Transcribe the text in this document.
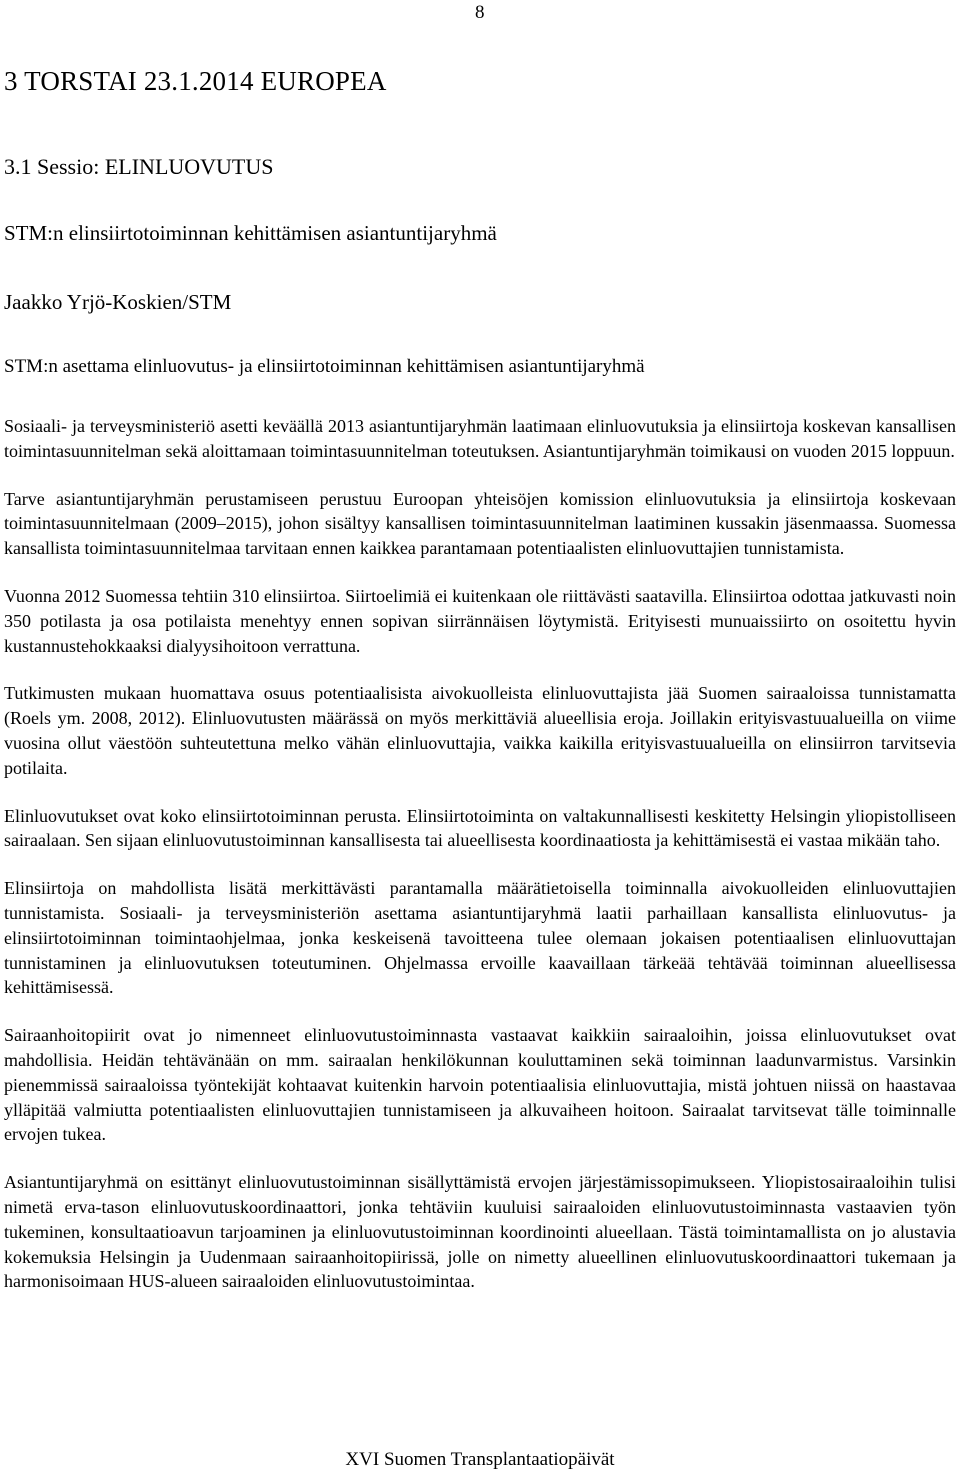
8
3 TORSTAI 23.1.2014 EUROPEA
3.1 Sessio: ELINLUOVUTUS
STM:n elinsiirtotoiminnan kehittämisen asiantuntijaryhmä
Jaakko Yrjö-Koskien/STM
STM:n asettama elinluovutus- ja elinsiirtotoiminnan kehittämisen asiantuntijaryhmä

Sosiaali- ja terveysministeriö asetti keväällä 2013 asiantuntijaryhmän laatimaan elinluovutuksia ja elinsiirtoja koskevan kansallisen toimintasuunnitelman sekä aloittamaan toimintasuunnitelman toteutuksen. Asiantuntijaryhmän toimikausi on vuoden 2015 loppuun.

Tarve asiantuntijaryhmän perustamiseen perustuu Euroopan yhteisöjen komission elinluovutuksia ja elinsiirtoja koskevaan toimintasuunnitelmaan (2009–2015), johon sisältyy kansallisen toimintasuunnitelman laatiminen kussakin jäsenmaassa. Suomessa kansallista toimintasuunnitelmaa tarvitaan ennen kaikkea parantamaan potentiaalisten elinluovuttajien tunnistamista.

Vuonna 2012 Suomessa tehtiin 310 elinsiirtoa. Siirtoelimiä ei kuitenkaan ole riittävästi saatavilla. Elinsiirtoa odottaa jatkuvasti noin 350 potilasta ja osa potilaista menehtyy ennen sopivan siirrännäisen löytymistä. Erityisesti munuaissiirto on osoitettu hyvin kustannustehokkaaksi dialyysihoitoon verrattuna.

Tutkimusten mukaan huomattava osuus potentiaalisista aivokuolleista elinluovuttajista jää Suomen sairaaloissa tunnistamatta (Roels ym. 2008, 2012). Elinluovutusten määrässä on myös merkittäviä alueellisia eroja. Joillakin erityisvastuualueilla on viime vuosina ollut väestöön suhteutettuna melko vähän elinluovuttajia, vaikka kaikilla erityisvastuualueilla on elinsiirron tarvitsevia potilaita.

Elinluovutukset ovat koko elinsiirtotoiminnan perusta. Elinsiirtotoiminta on valtakunnallisesti keskitetty Helsingin yliopistolliseen sairaalaan. Sen sijaan elinluovutustoiminnan kansallisesta tai alueellisesta koordinaatiosta ja kehittämisestä ei vastaa mikään taho.

Elinsiirtoja on mahdollista lisätä merkittävästi parantamalla määrätietoisella toiminnalla aivokuolleiden elinluovuttajien tunnistamista. Sosiaali- ja terveysministeriön asettama asiantuntijaryhmä laatii parhaillaan kansallista elinluovutus- ja elinsiirtotoiminnan toimintaohjelmaa, jonka keskeisenä tavoitteena tulee olemaan jokaisen potentiaalisen elinluovuttajan tunnistaminen ja elinluovutuksen toteutuminen. Ohjelmassa ervoille kaavaillaan tärkeää tehtävää toiminnan alueellisessa kehittämisessä.

Sairaanhoitopiirit ovat jo nimenneet elinluovutustoiminnasta vastaavat kaikkiin sairaaloihin, joissa elinluovutukset ovat mahdollisia. Heidän tehtävänään on mm. sairaalan henkilökunnan kouluttaminen sekä toiminnan laadunvarmistus. Varsinkin pienemmissä sairaaloissa työntekijät kohtaavat kuitenkin harvoin potentiaalisia elinluovuttajia, mistä johtuen niissä on haastavaa ylläpitää valmiutta potentiaalisten elinluovuttajien tunnistamiseen ja alkuvaiheen hoitoon. Sairaalat tarvitsevat tälle toiminnalle ervojen tukea.

Asiantuntijaryhmä on esittänyt elinluovutustoiminnan sisällyttämistä ervojen järjestämissopimukseen. Yliopistosairaaloihin tulisi nimetä erva-tason elinluovutuskoordinaattori, jonka tehtäviin kuuluisi sairaaloiden elinluovutustoiminnasta vastaavien työn tukeminen, konsultaatioavun tarjoaminen ja elinluovutustoiminnan koordinointi alueellaan. Tästä toimintamallista on jo alustavia kokemuksia Helsingin ja Uudenmaan sairaanhoitopiirissä, jolle on nimetty alueellinen elinluovutuskoordinaattori tukemaan ja harmonisoimaan HUS-alueen sairaaloiden elinluovutustoimintaa.

XVI Suomen Transplantaatiopäivät
